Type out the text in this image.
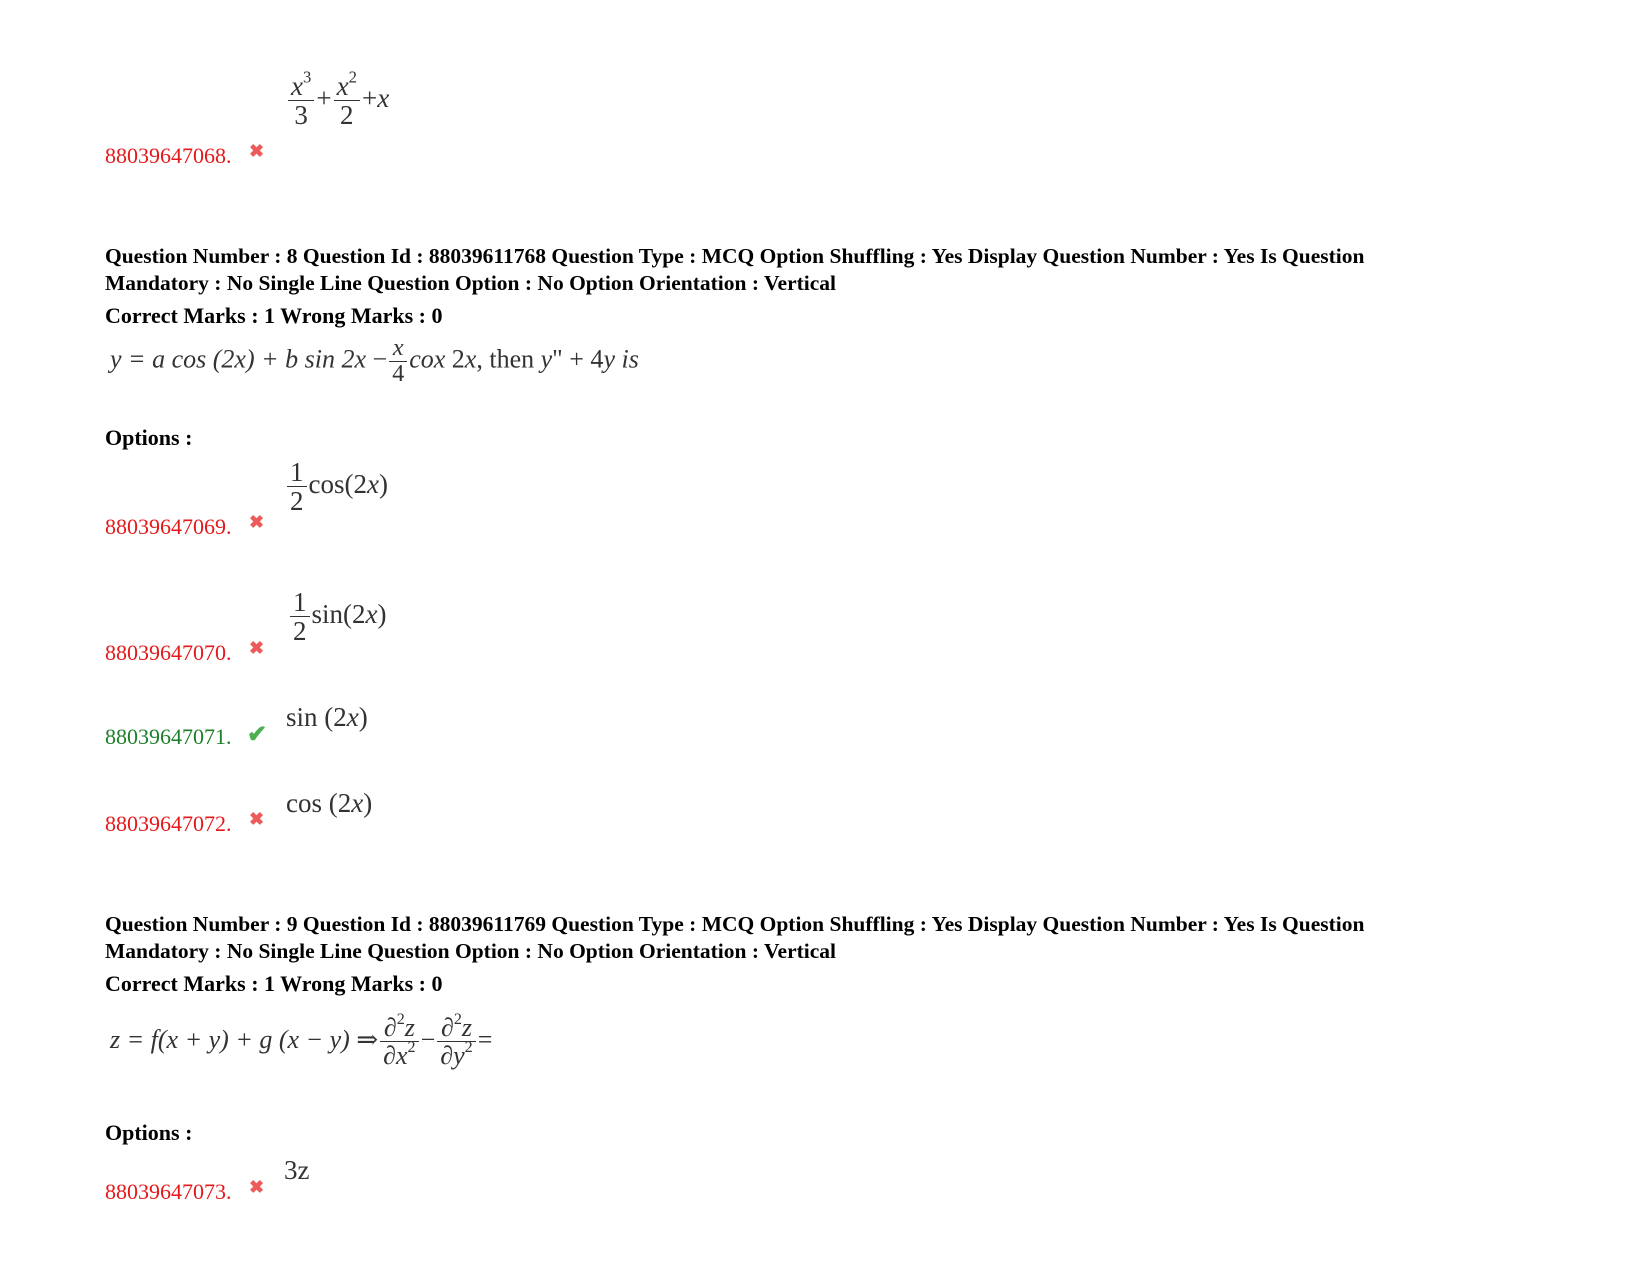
$\frac{x^3}{3} + \frac{x^2}{2} +x$
88039647068. ✖
Question Number : 8 Question Id : 88039611768 Question Type : MCQ Option Shuffling : Yes Display Question Number : Yes Is Question
Mandatory : No Single Line Question Option : No Option Orientation : Vertical
Correct Marks : 1 Wrong Marks : 0
y = a cos (2x) + b $\sin 2x - \frac{x}{4}$ cox 2x, then y" + 4y is
Options :
$\frac{1}{2} \cos(2x)$
88039647069. ✖
$\frac{1}{2} \sin(2x)$
88039647070. ✖
sin (2x)
88039647071. ✔
cos (2x)
88039647072. ✖
Question Number : 9 Question Id : 88039611769 Question Type : MCQ Option Shuffling : Yes Display Question Number : Yes Is Question
Mandatory : No Single Line Question Option : No Option Orientation : Vertical
Correct Marks : 1 Wrong Marks : 0
z = f(x + y) + g (x − y) ⇒ $\frac{\partial^2z}{\partial x^2} - \frac{\partial^2z}{\partial y^2}$ =
Options :
3z
88039647073. ✖
